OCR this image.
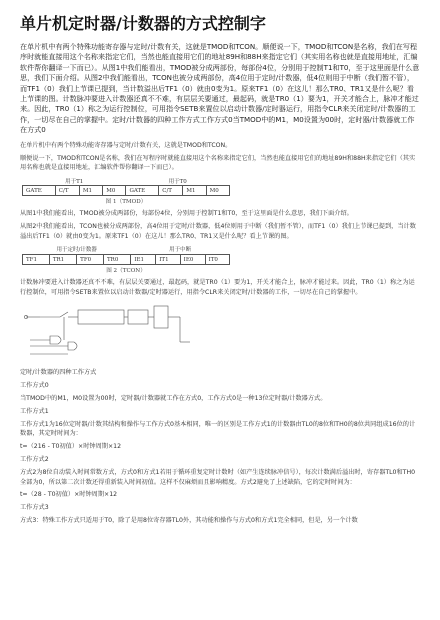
单片机定时器/计数器的方式控制字

在单片机中有两个特殊功能寄存器与定时/计数有关，这就是TMOD和TCON。顺便说一下，TMOD和TCON是名称，我们在写程序时就能直接用这个名称来指定它们，当然也能直接用它们的地址89H和88H来指定它们（其实用名称也就是直接用地址，汇编软件帮你翻译一下而已）。从图1中我们能看出，TMOD被分成两部份，每部份4位，分别用于控制T1和T0，至于这里面是什么意思，我们下面介绍。从图2中我们能看出，TCON也被分成两部份，高4位用于定时/计数器，低4位则用于中断（我们暂不管），而TF1（0）我们上节课已提到，当计数溢出后TF1（0）就由0变为1。原来TF1（0）在这儿！那么TR0、TR1又是什么呢？看上节课的图。计数脉冲要进入计数器还真不不难，有层层关要通过，最起码，就是TR0（1）要为1，开关才能合上，脉冲才能过来。因此，TR0（1）称之为运行控制位，可用指令SETB来置位以启动计数器/定时器运行，用指令CLR来关闭定时/计数器的工作，一切尽在自己的掌握中。定时/计数器的四种工作方式工作方式0当TMOD中的M1，M0设置为00时，定时器/计数器就工作在方式0

在单片机中有两个特殊功能寄存器与定时/计数有关，这就是TMOD和TCON。

顺便说一下，TMOD和TCON是名称，我们在写程序时就能直接用这个名称来指定它们，当然也能直接用它们的地址89H和88H来指定它们（其实用名称也就是直接用地址，汇编软件帮你翻译一下而已）。

用于T1				用于T0			
GATE	C/T	M1	M0	GATE	C/T	M1	M0
图 1（TMOD）

从图1中我们能看出，TMOD被分成两部份，每部份4位，分别用于控制T1和T0，至于这里面是什么意思，我们下面介绍。

从图2中我们能看出，TCON也被分成两部份，高4位用于定时/计数器，低4位则用于中断（我们暂不管），而TF1（0）我们上节课已提到，当计数溢出后TF1（0）就由0变为1。原来TF1（0）在这儿！那么TR0、TR1又是什么呢？看上节课的图。

用于定时/计数器				用于中断			
TF1	TR1	TF0	TR0	IE1	IT1	IE0	IT0
图 2（TCON）

计数脉冲要进入计数器还真不不难，有层层关要通过，最起码，就是TR0（1）要为1，开关才能合上，脉冲才能过来。因此，TR0（1）称之为运行控制位，可用指令SETB来置位以启动计数器/定时器运行，用指令CLR来关闭定时/计数器的工作，一切尽在自己的掌握中。

定时/计数器的四种工作方式

工作方式0

当TMOD中的M1，M0设置为00时，定时器/计数器就工作在方式0，工作方式0是一种13位定时器/计数器方式。

工作方式1

工作方式1为16位定时器/计数其结构和操作与工作方式0基本相同，唯一的区别是工作方式1的计数器由TL0的8位和TH0的8位共同组成16位的计数器，其定时时间为：

t=（216 - T0初值）×时钟周期×12

工作方式2

方式2为8位自动装入时间常数方式，方式0和方式1若用于循环重复定时计数时（如产生连续脉冲信号），每次计数满后溢出时，寄存器TL0和TH0全部为0，所以第二次计数还得重新装入时间初值。这样不仅麻烦而且影响精度。方式2避免了上述缺陷，它的定时时间为：

t=（28 - T0初值）×时钟周期×12

工作方式3

方式3：特殊工作方式只适用于T0，除了是用8位寄存器TL0外，其功能和操作与方式0和方式1完全相同，但是，另一个计数
